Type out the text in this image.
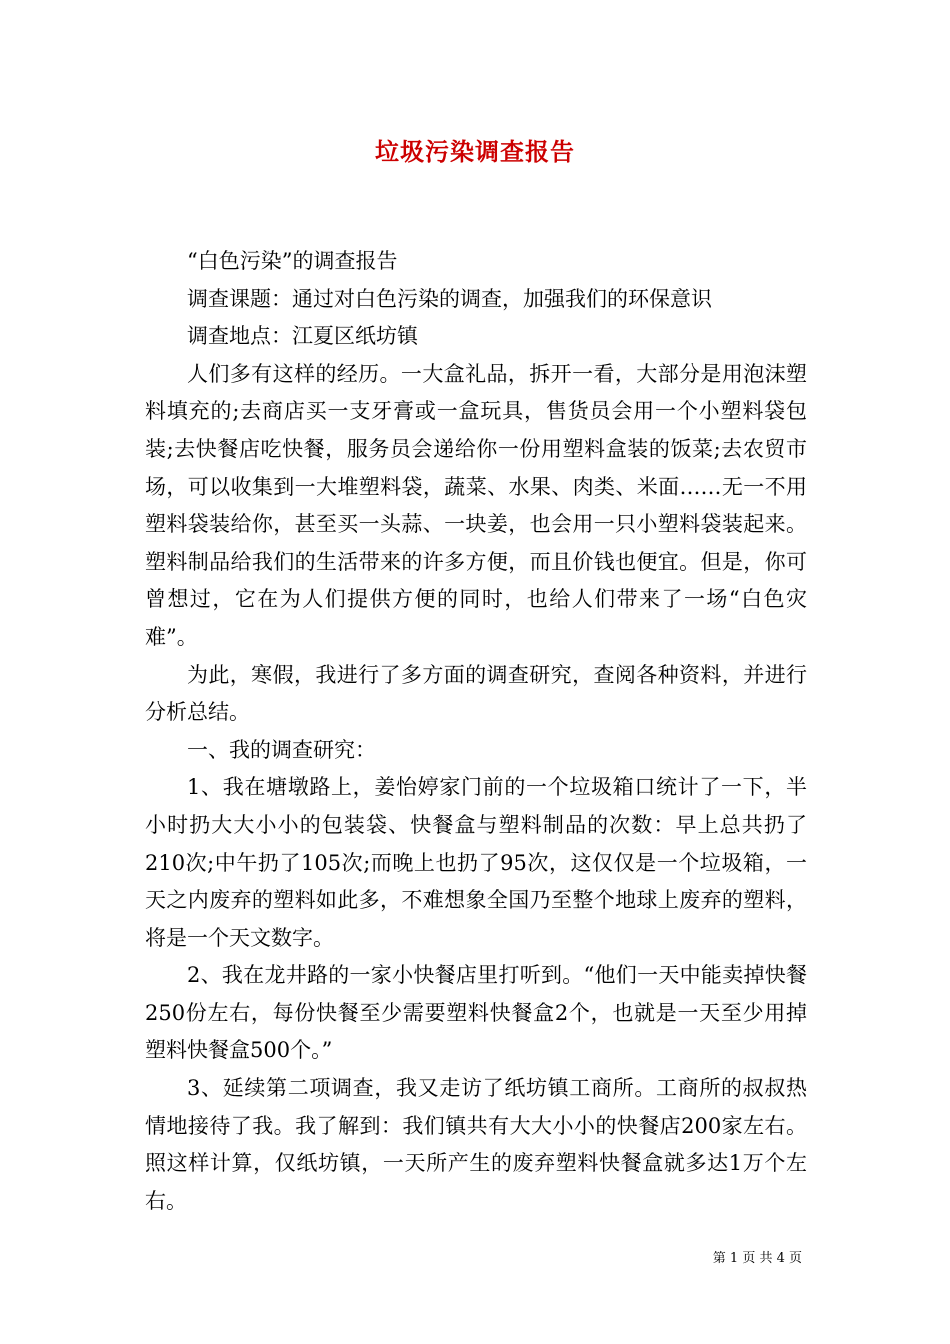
垃圾污染调查报告

“白色污染”的调查报告

调查课题：通过对白色污染的调查，加强我们的环保意识

调查地点：江夏区纸坊镇

人们多有这样的经历。一大盒礼品，拆开一看，大部分是用泡沫塑料填充的;去商店买一支牙膏或一盒玩具，售货员会用一个小塑料袋包装;去快餐店吃快餐，服务员会递给你一份用塑料盒装的饭菜;去农贸市场，可以收集到一大堆塑料袋，蔬菜、水果、肉类、米面……无一不用塑料袋装给你，甚至买一头蒜、一块姜，也会用一只小塑料袋装起来。塑料制品给我们的生活带来的许多方便，而且价钱也便宜。但是，你可曾想过，它在为人们提供方便的同时，也给人们带来了一场“白色灾难”。

为此，寒假，我进行了多方面的调查研究，查阅各种资料，并进行分析总结。

一、我的调查研究：

1、我在塘墩路上，姜怡婷家门前的一个垃圾箱口统计了一下，半小时扔大大小小的包装袋、快餐盒与塑料制品的次数：早上总共扔了210次;中午扔了105次;而晚上也扔了95次，这仅仅是一个垃圾箱，一天之内废弃的塑料如此多，不难想象全国乃至整个地球上废弃的塑料，将是一个天文数字。

2、我在龙井路的一家小快餐店里打听到。“他们一天中能卖掉快餐250份左右，每份快餐至少需要塑料快餐盒2个，也就是一天至少用掉塑料快餐盒500个。”

3、延续第二项调查，我又走访了纸坊镇工商所。工商所的叔叔热情地接待了我。我了解到：我们镇共有大大小小的快餐店200家左右。照这样计算，仅纸坊镇，一天所产生的废弃塑料快餐盒就多达1万个左右。

第 1 页 共 4 页
